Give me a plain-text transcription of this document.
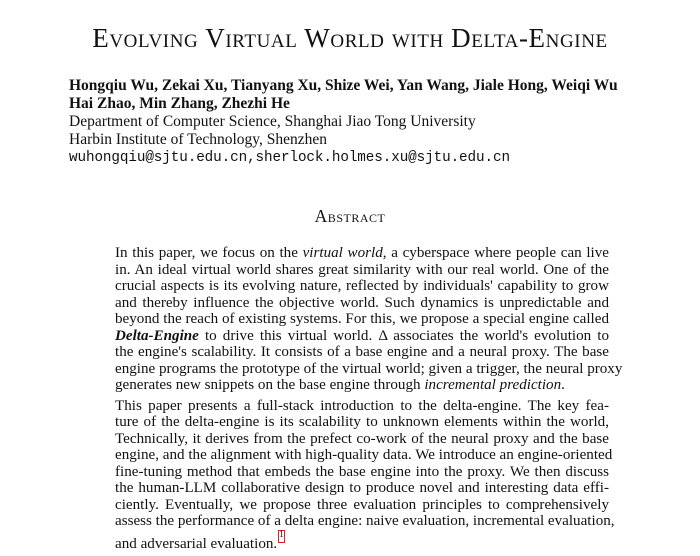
Evolving Virtual World with Delta-Engine
Hongqiu Wu, Zekai Xu, Tianyang Xu, Shize Wei, Yan Wang, Jiale Hong, Weiqi Wu
Hai Zhao, Min Zhang, Zhezhi He
Department of Computer Science, Shanghai Jiao Tong University
Harbin Institute of Technology, Shenzhen
wuhongqiu@sjtu.edu.cn,sherlock.holmes.xu@sjtu.edu.cn
Abstract
In this paper, we focus on the virtual world, a cyberspace where people can live
in. An ideal virtual world shares great similarity with our real world. One of the
crucial aspects is its evolving nature, reflected by individuals' capability to grow
and thereby influence the objective world. Such dynamics is unpredictable and
beyond the reach of existing systems. For this, we propose a special engine called
Delta-Engine to drive this virtual world. Δ associates the world's evolution to
the engine's scalability. It consists of a base engine and a neural proxy. The base
engine programs the prototype of the virtual world; given a trigger, the neural proxy
generates new snippets on the base engine through incremental prediction.
This paper presents a full-stack introduction to the delta-engine. The key fea-
ture of the delta-engine is its scalability to unknown elements within the world,
Technically, it derives from the prefect co-work of the neural proxy and the base
engine, and the alignment with high-quality data. We introduce an engine-oriented
fine-tuning method that embeds the base engine into the proxy. We then discuss
the human-LLM collaborative design to produce novel and interesting data effi-
ciently. Eventually, we propose three evaluation principles to comprehensively
assess the performance of a delta engine: naive evaluation, incremental evaluation,
and adversarial evaluation.
1
